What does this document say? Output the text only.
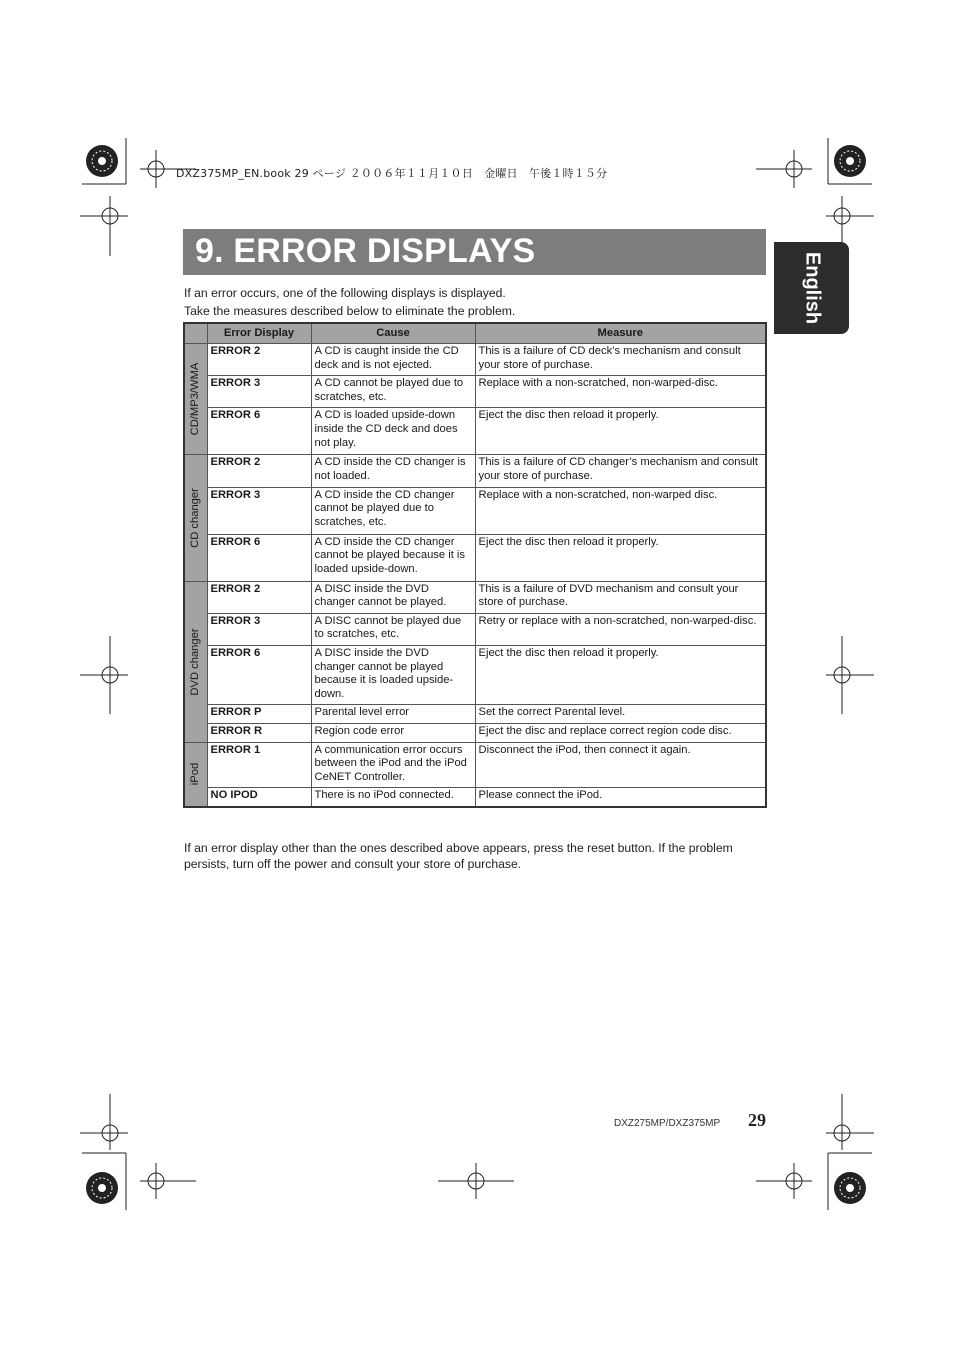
DXZ375MP_EN.book 29 ページ ２００６年１１月１０日　金曜日　午後１時１５分
9. ERROR DISPLAYS
English

If an error occurs, one of the following displays is displayed.

Take the measures described below to eliminate the problem.

	Error Display	Cause	Measure

CD/MP3/WMA	ERROR 2	A CD is caught inside the CD deck and is not ejected.	This is a failure of CD deck’s mechanism and consult your store of purchase.
	ERROR 3	A CD cannot be played due to scratches, etc.	Replace with a non-scratched, non-warped-disc.
	ERROR 6	A CD is loaded upside-down inside the CD deck and does not play.	Eject the disc then reload it properly.

CD changer	ERROR 2	A CD inside the CD changer is not loaded.	This is a failure of CD changer’s mechanism and consult your store of purchase.
	ERROR 3	A CD inside the CD changer cannot be played due to scratches, etc.	Replace with a non-scratched, non-warped disc.
	ERROR 6	A CD inside the CD changer cannot be played because it is loaded upside-down.	Eject the disc then reload it properly.

DVD changer	ERROR 2	A DISC inside the DVD changer cannot be played.	This is a failure of DVD mechanism and consult your store of purchase.
	ERROR 3	A DISC cannot be played due to scratches, etc.	Retry or replace with a non-scratched, non-warped-disc.
	ERROR 6	A DISC inside the DVD changer cannot be played because it is loaded upside-down.	Eject the disc then reload it properly.
	ERROR P	Parental level error	Set the correct Parental level.
	ERROR R	Region code error	Eject the disc and replace correct region code disc.

iPod	ERROR 1	A communication error occurs between the iPod and the iPod CeNET Controller.	Disconnect the iPod, then connect it again.
	NO IPOD	There is no iPod connected.	Please connect the iPod.

If an error display other than the ones described above appears, press the reset button. If the problem persists, turn off the power and consult your store of purchase.

DXZ275MP/DXZ375MP 29
